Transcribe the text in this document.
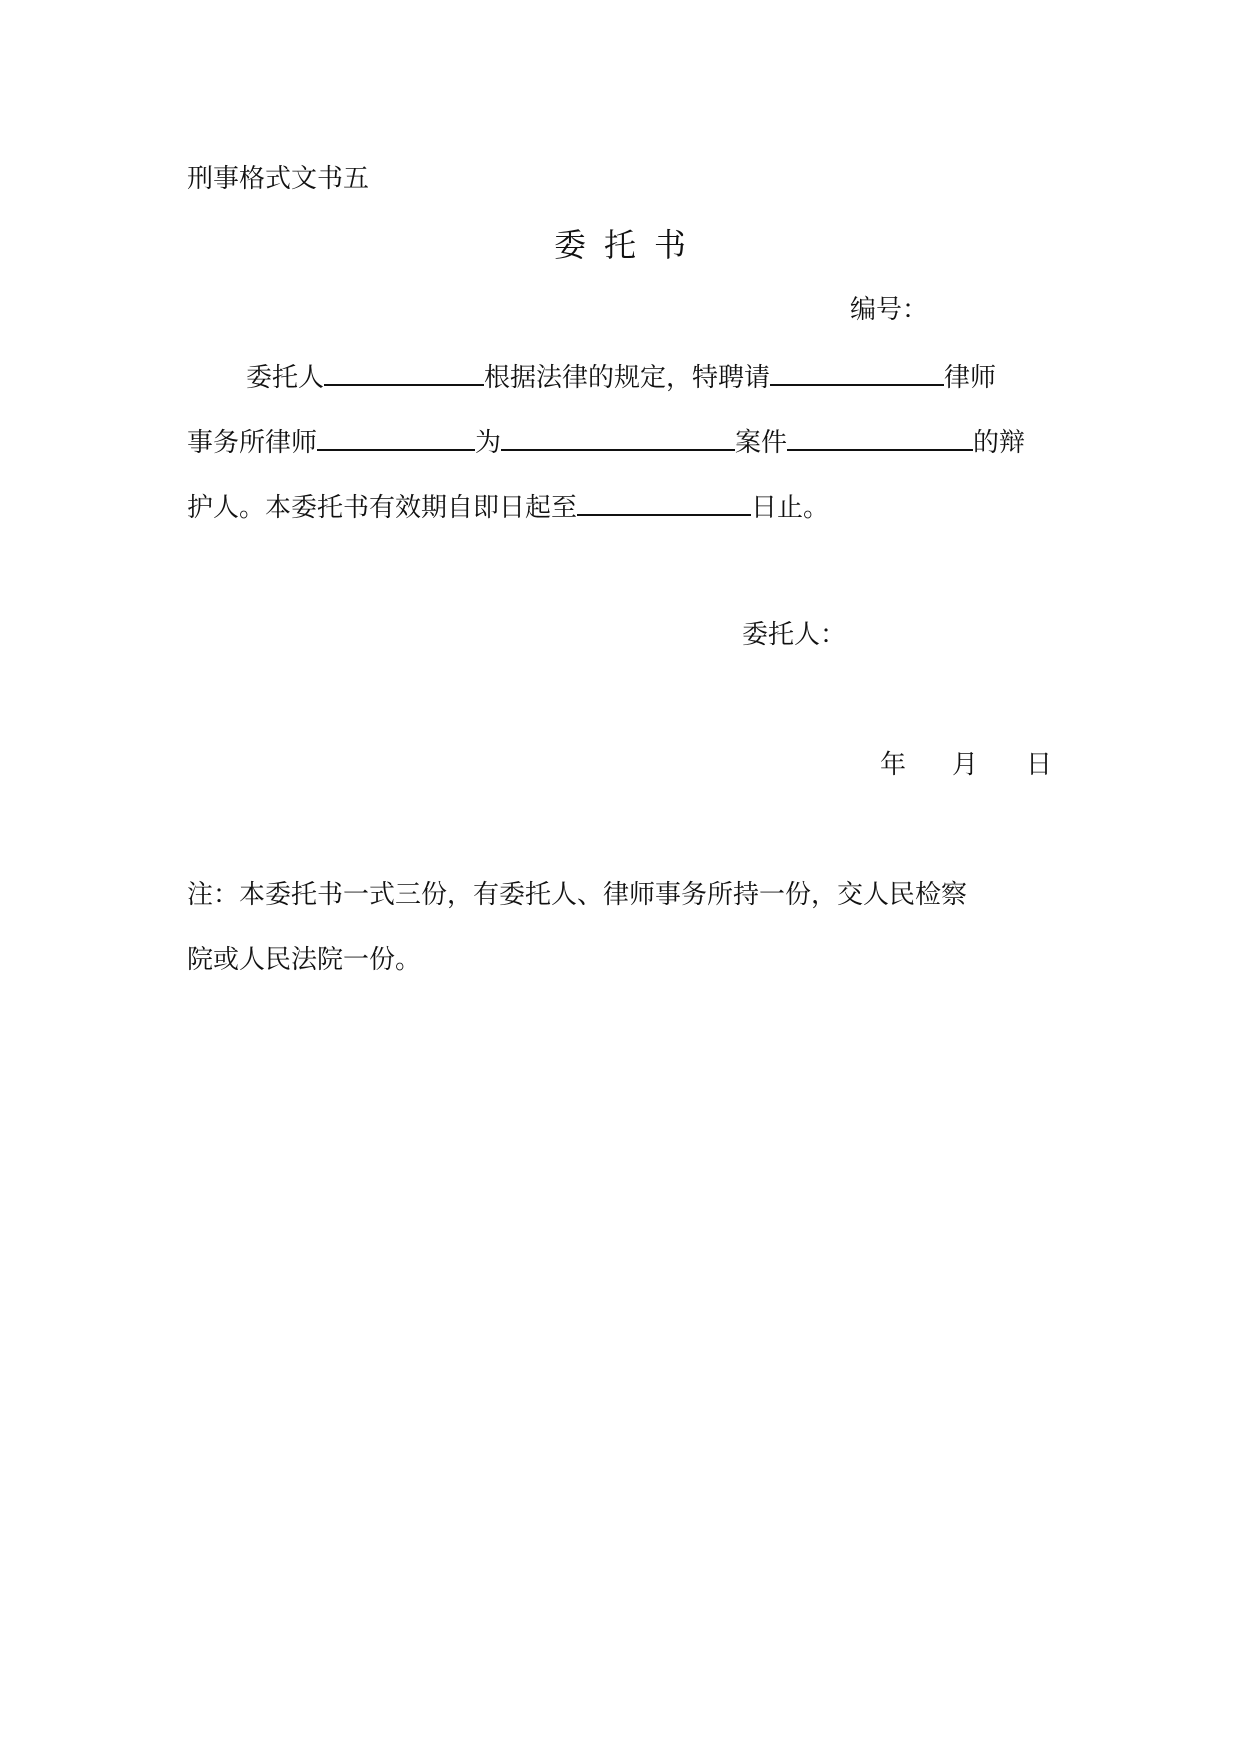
刑事格式文书五
委托书
编号：
委托人	根据法律的规定，特聘请	律师
事务所律师	为	案件	的辩
护人。本委托书有效期自即日起至	日止。
委托人：
年 月 日
注：本委托书一式三份，有委托人、律师事务所持一份，交人民检察
院或人民法院一份。
